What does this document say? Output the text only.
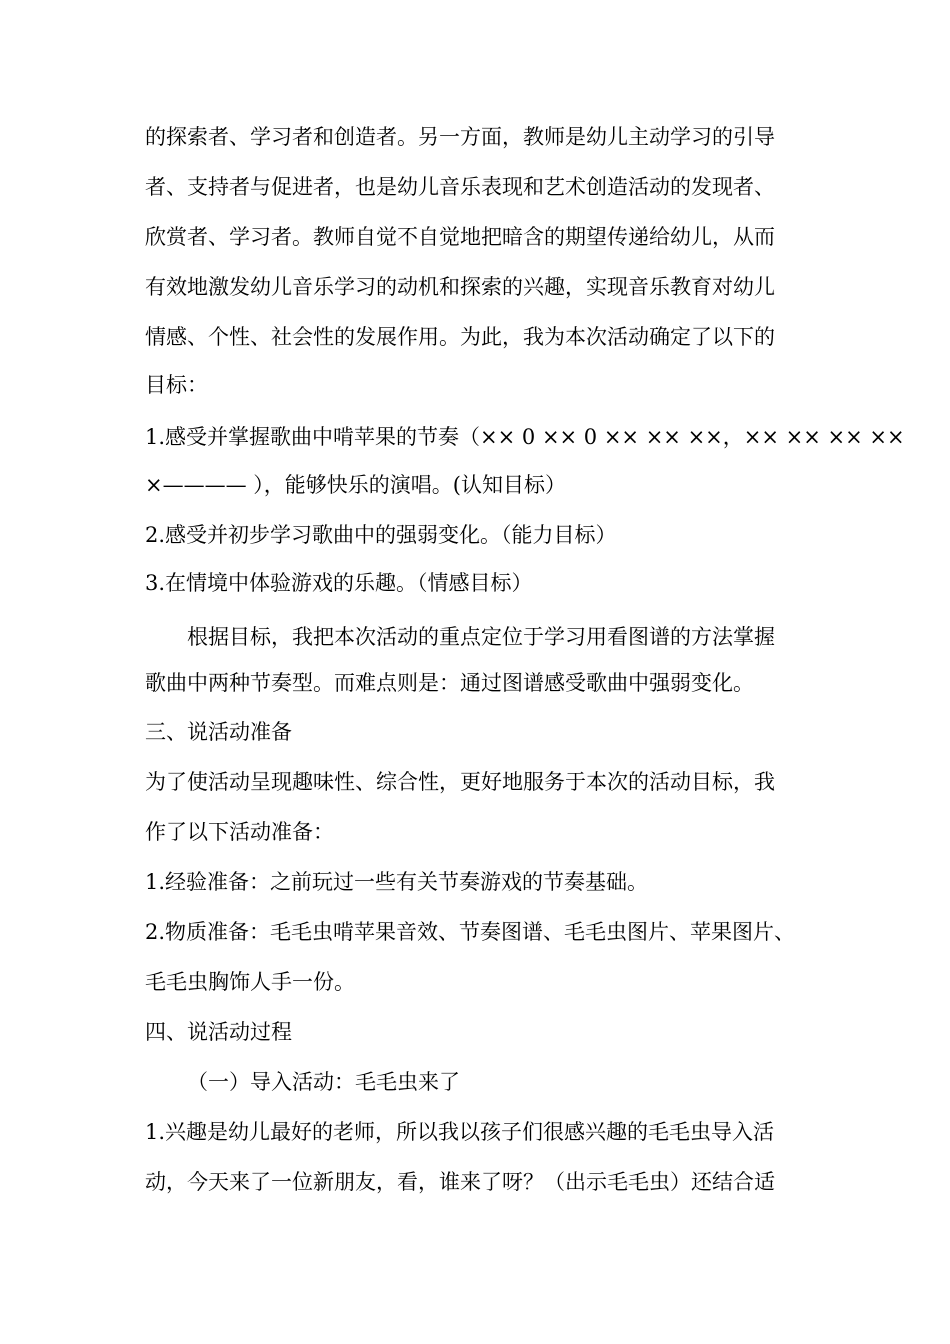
的探索者、学习者和创造者。另一方面，教师是幼儿主动学习的引导
者、支持者与促进者，也是幼儿音乐表现和艺术创造活动的发现者、
欣赏者、学习者。教师自觉不自觉地把暗含的期望传递给幼儿，从而
有效地激发幼儿音乐学习的动机和探索的兴趣，实现音乐教育对幼儿
情感、个性、社会性的发展作用。为此，我为本次活动确定了以下的
目标：
1.感受并掌握歌曲中啃苹果的节奏（×× 0 ×× 0 ×× ×× ××，×× ×× ×× ××
×———— ），能够快乐的演唱。(认知目标）
2.感受并初步学习歌曲中的强弱变化。（能力目标）
3.在情境中体验游戏的乐趣。（情感目标）
根据目标，我把本次活动的重点定位于学习用看图谱的方法掌握
歌曲中两种节奏型。而难点则是：通过图谱感受歌曲中强弱变化。
三、说活动准备
为了使活动呈现趣味性、综合性，更好地服务于本次的活动目标，我
作了以下活动准备：
1.经验准备：之前玩过一些有关节奏游戏的节奏基础。
2.物质准备：毛毛虫啃苹果音效、节奏图谱、毛毛虫图片、苹果图片、
毛毛虫胸饰人手一份。
四、说活动过程
（一）导入活动：毛毛虫来了
1.兴趣是幼儿最好的老师，所以我以孩子们很感兴趣的毛毛虫导入活
动，今天来了一位新朋友，看，谁来了呀？（出示毛毛虫）还结合适
